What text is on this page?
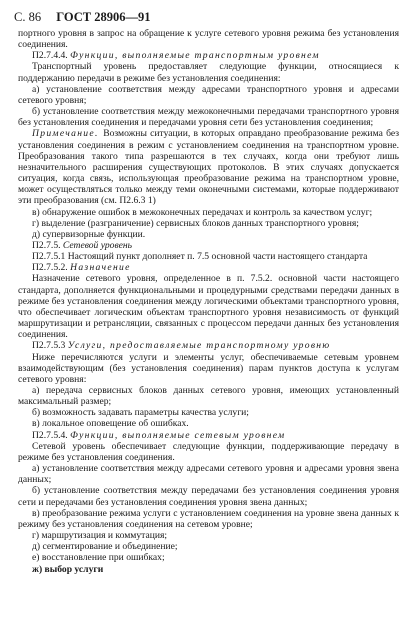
С. 86 ГОСТ 28906—91

портного уровня в запрос на обращение к услуге сетевого уровня режима без установления соединения.

П2.7.4.4. Функции, выполняемые транспортным уровнем

Транспортный уровень предоставляет следующие функции, относящиеся к поддержанию передачи в режиме без установления соединения:

а) установление соответствия между адресами транспортного уровня и адресами сетевого уровня;

б) установление соответствия между межоконечными передачами транспортного уровня без установления соединения и передачами уровня сети без установления соединения;

Примечание. Возможны ситуации, в которых оправдано преобразование режима без установления соединения в режим с установлением соединения на транспортном уровне. Преобразования такого типа разрешаются в тех случаях, когда они требуют лишь незначительного расширения существующих протоколов. В этих случаях допускается ситуация, когда связь, использующая преобразование режима на транспортном уровне, может осуществляться только между теми оконечными системами, которые поддерживают эти преобразования (см. П2.6.3 1)

в) обнаружение ошибок в межоконечных передачах и контроль за качеством услуг;

г) выделение (разграничение) сервисных блоков данных транспортного уровня;

д) супервизорные функции.

П2.7.5. Сетевой уровень

П2.7.5.1 Настоящий пункт дополняет п. 7.5 основной части настоящего стандарта

П2.7.5.2. Назначение

Назначение сетевого уровня, определенное в п. 7.5.2. основной части настоящего стандарта, дополняется функциональными и процедурными средствами передачи данных в режиме без установления соединения между логическими объектами транспортного уровня, что обеспечивает логическим объектам транспортного уровня независимость от функций маршрутизации и ретрансляции, связанных с процессом передачи данных без установления соединения.

П2.7.5.3 Услуги, предоставляемые транспортному уровню

Ниже перечисляются услуги и элементы услуг, обеспечиваемые сетевым уровнем взаимодействующим (без установления соединения) парам пунктов доступа к услугам сетевого уровня:

а) передача сервисных блоков данных сетевого уровня, имеющих установленный максимальный размер;

б) возможность задавать параметры качества услуги;

в) локальное оповещение об ошибках.

П2.7.5.4. Функции, выполняемые сетевым уровнем

Сетевой уровень обеспечивает следующие функции, поддерживающие передачу в режиме без установления соединения.

а) установление соответствия между адресами сетевого уровня и адресами уровня звена данных;

б) установление соответствия между передачами без установления соединения уровня сети и передачами без установления соединения уровня звена данных;

в) преобразование режима услуги с установлением соединения на уровне звена данных к режиму без установления соединения на сетевом уровне;

г) маршрутизация и коммутация;

д) сегментирование и объединение;

е) восстановление при ошибках;

ж) выбор услуги
